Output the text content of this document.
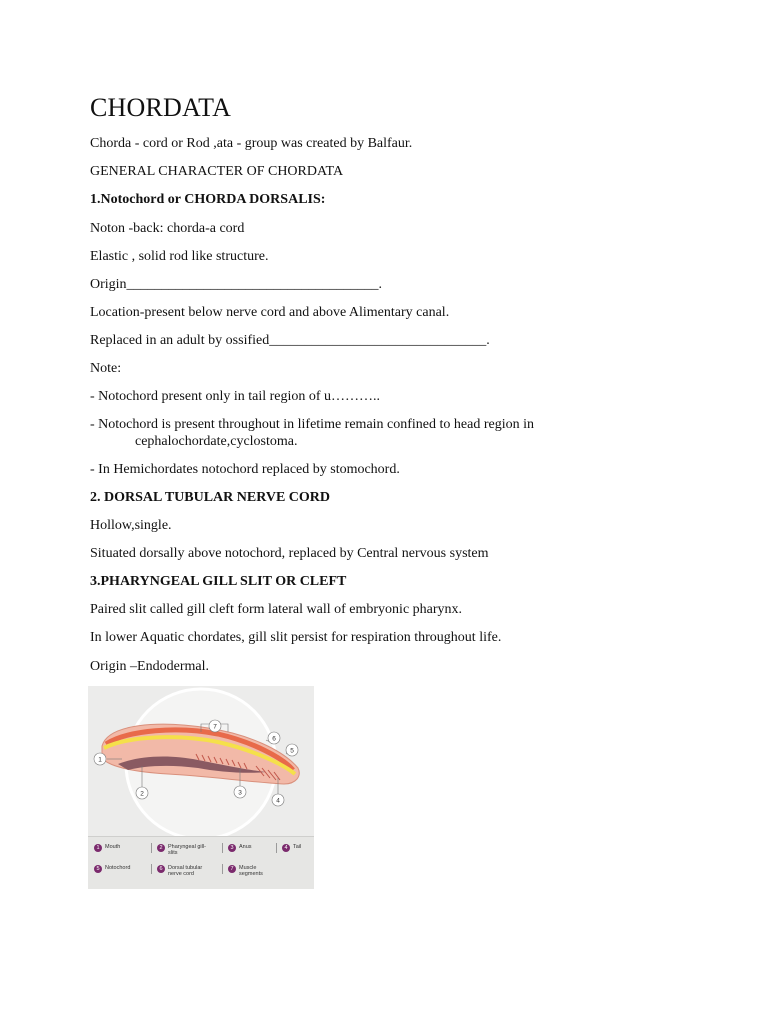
CHORDATA
Chorda - cord or Rod ,ata - group was created by Balfaur.
GENERAL CHARACTER OF CHORDATA
1.Notochord or CHORDA DORSALIS:
Noton -back: chorda-a cord
Elastic , solid rod like structure.
Origin____________________________________.
Location-present below nerve cord and above Alimentary canal.
Replaced in an adult by ossified_______________________________.
Note:
- Notochord present only in tail region of u………..
- Notochord is present throughout in lifetime remain confined to head region in
cephalochordate,cyclostoma.
- In Hemichordates notochord replaced by stomochord.
2. DORSAL TUBULAR NERVE CORD
Hollow,single.
Situated dorsally above notochord, replaced by Central nervous system
3.PHARYNGEAL GILL SLIT OR CLEFT
Paired slit called gill cleft form lateral wall of embryonic pharynx.
In lower Aquatic chordates, gill slit persist for respiration throughout life.
Origin –Endodermal.
1
2	3
4
5
6
7
1 Mouth	2 Pharyngeal gill-slits
3 Anus	4 Tail
5 Notochord	6 Dorsal tubular nerve cord
7 Muscle segments
